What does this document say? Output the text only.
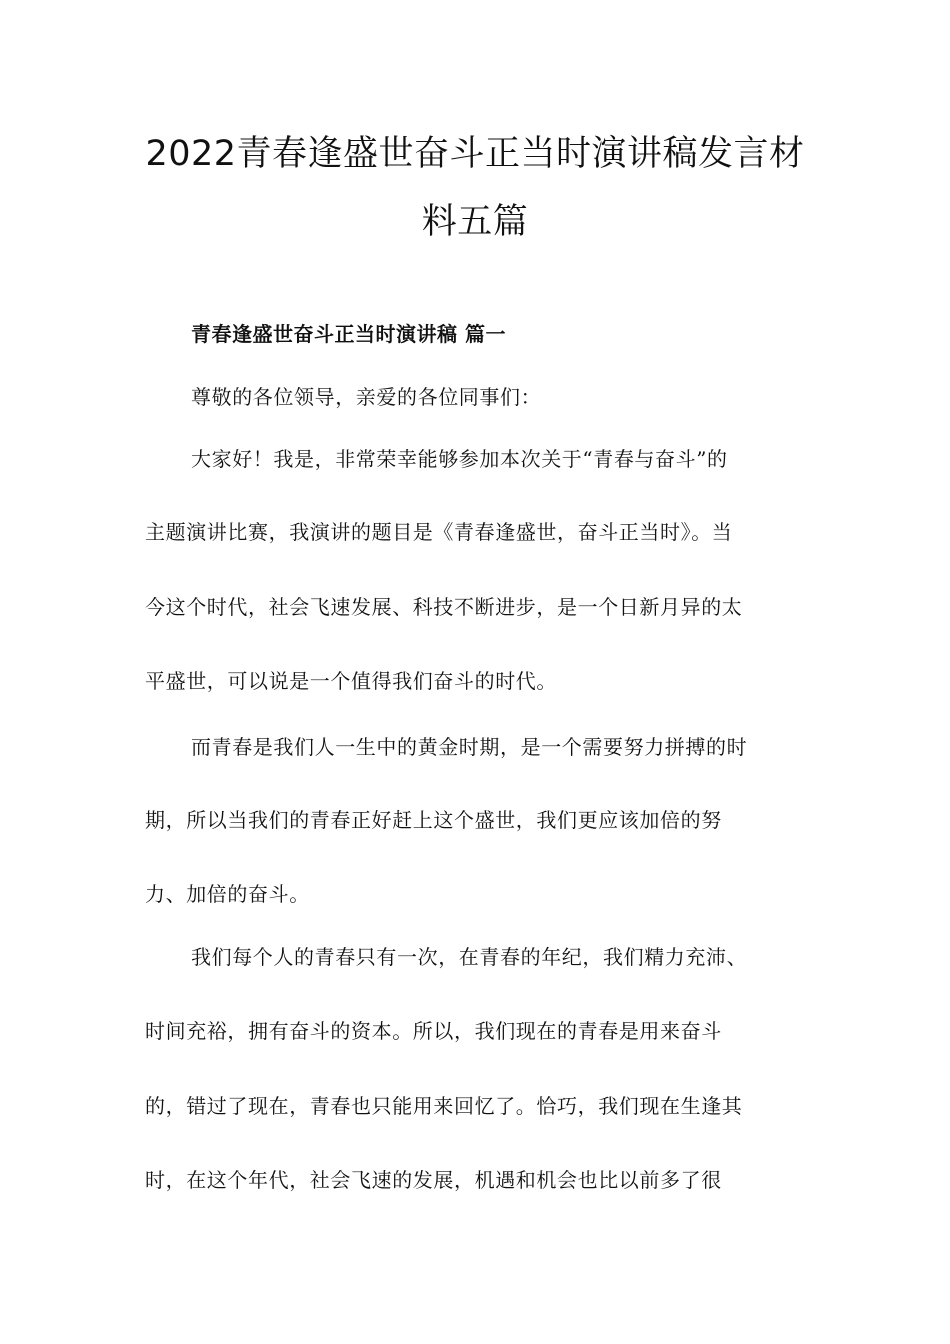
2022青春逢盛世奋斗正当时演讲稿发言材
料五篇
青春逢盛世奋斗正当时演讲稿 篇一
尊敬的各位领导，亲爱的各位同事们：
大家好！我是，非常荣幸能够参加本次关于“青春与奋斗”的
主题演讲比赛，我演讲的题目是《青春逢盛世，奋斗正当时》。当
今这个时代，社会飞速发展、科技不断进步，是一个日新月异的太
平盛世，可以说是一个值得我们奋斗的时代。
而青春是我们人一生中的黄金时期，是一个需要努力拼搏的时
期，所以当我们的青春正好赶上这个盛世，我们更应该加倍的努
力、加倍的奋斗。
我们每个人的青春只有一次，在青春的年纪，我们精力充沛、
时间充裕，拥有奋斗的资本。所以，我们现在的青春是用来奋斗
的，错过了现在，青春也只能用来回忆了。恰巧，我们现在生逢其
时，在这个年代，社会飞速的发展，机遇和机会也比以前多了很
